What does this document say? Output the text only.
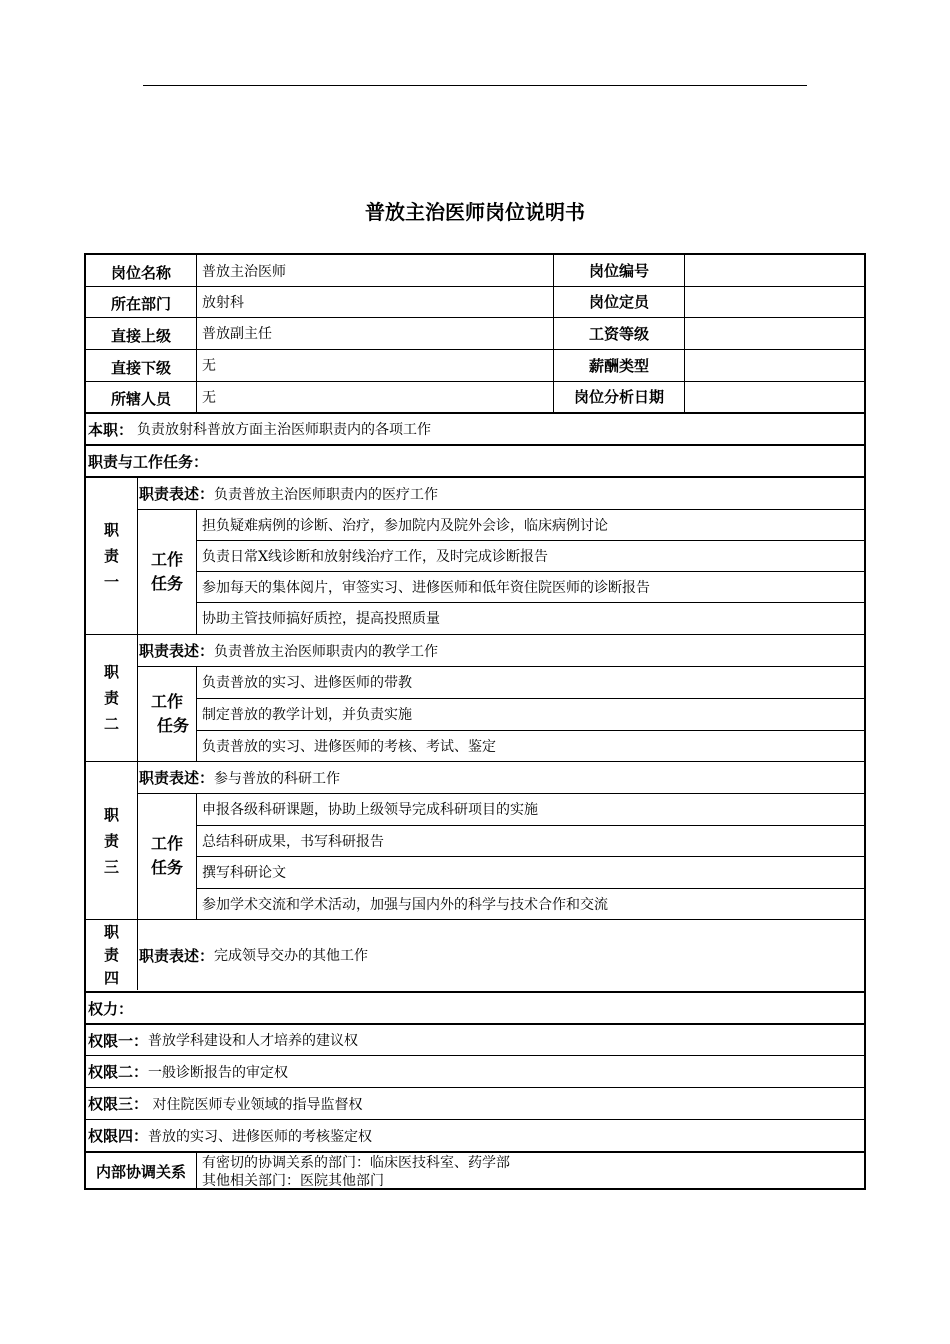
普放主治医师岗位说明书
岗位名称
所在部门
直接上级
直接下级
所辖人员
普放主治医师
放射科
普放副主任
无
无
岗位编号
岗位定员
工资等级
薪酬类型
岗位分析日期
本职： 负责放射科普放方面主治医师职责内的各项工作
职责与工作任务：
职
责
一
职责表述： 负责普放主治医师职责内的医疗工作
工作
任务
担负疑难病例的诊断、治疗，参加院内及院外会诊，临床病例讨论
负责日常X线诊断和放射线治疗工作，及时完成诊断报告
参加每天的集体阅片，审签实习、进修医师和低年资住院医师的诊断报告
协助主管技师搞好质控，提高投照质量
职
责
二
职责表述： 负责普放主治医师职责内的教学工作
工作
任务
负责普放的实习、进修医师的带教
制定普放的教学计划，并负责实施
负责普放的实习、进修医师的考核、考试、鉴定
职
责
三
职责表述： 参与普放的科研工作
工作
任务
申报各级科研课题，协助上级领导完成科研项目的实施
总结科研成果，书写科研报告
撰写科研论文
参加学术交流和学术活动，加强与国内外的科学与技术合作和交流
职
责
四
职责表述： 完成领导交办的其他工作
权力：
权限一： 普放学科建设和人才培养的建议权
权限二： 一般诊断报告的审定权
权限三： 对住院医师专业领域的指导监督权
权限四： 普放的实习、进修医师的考核鉴定权
内部协调关系
有密切的协调关系的部门：临床医技科室、药学部
其他相关部门：医院其他部门
